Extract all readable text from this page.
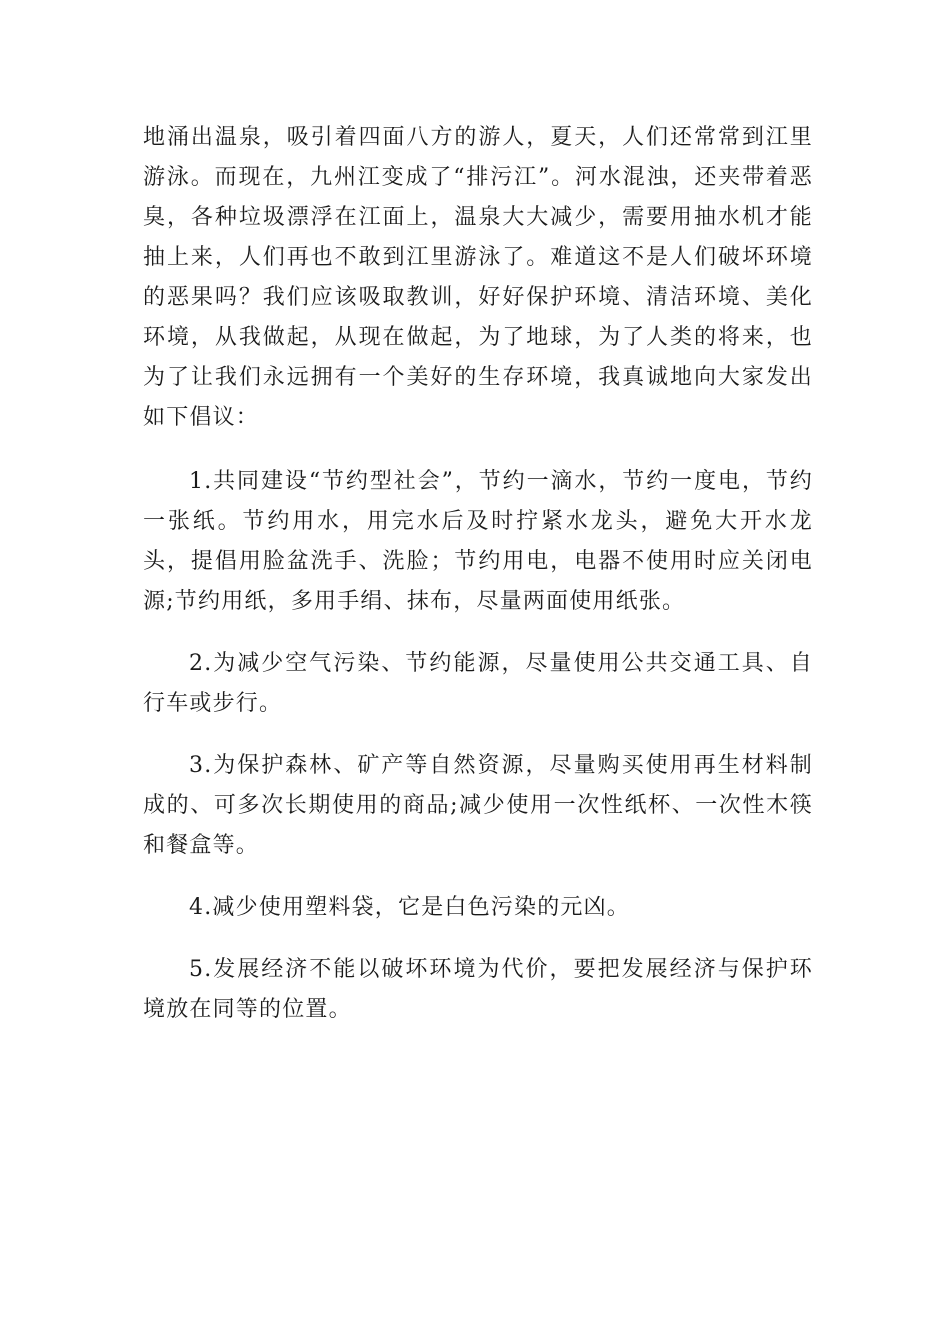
地涌出温泉，吸引着四面八方的游人，夏天，人们还常常到江里游泳。而现在，九州江变成了“排污江”。河水混浊，还夹带着恶臭，各种垃圾漂浮在江面上，温泉大大减少，需要用抽水机才能抽上来，人们再也不敢到江里游泳了。难道这不是人们破坏环境的恶果吗？我们应该吸取教训，好好保护环境、清洁环境、美化环境，从我做起，从现在做起，为了地球，为了人类的将来，也为了让我们永远拥有一个美好的生存环境，我真诚地向大家发出如下倡议：

1.共同建设“节约型社会”，节约一滴水，节约一度电，节约一张纸。节约用水，用完水后及时拧紧水龙头，避免大开水龙头，提倡用脸盆洗手、洗脸；节约用电，电器不使用时应关闭电源;节约用纸，多用手绢、抹布，尽量两面使用纸张。

2.为减少空气污染、节约能源，尽量使用公共交通工具、自行车或步行。

3.为保护森林、矿产等自然资源，尽量购买使用再生材料制成的、可多次长期使用的商品;减少使用一次性纸杯、一次性木筷和餐盒等。

4.减少使用塑料袋，它是白色污染的元凶。

5.发展经济不能以破坏环境为代价，要把发展经济与保护环境放在同等的位置。
